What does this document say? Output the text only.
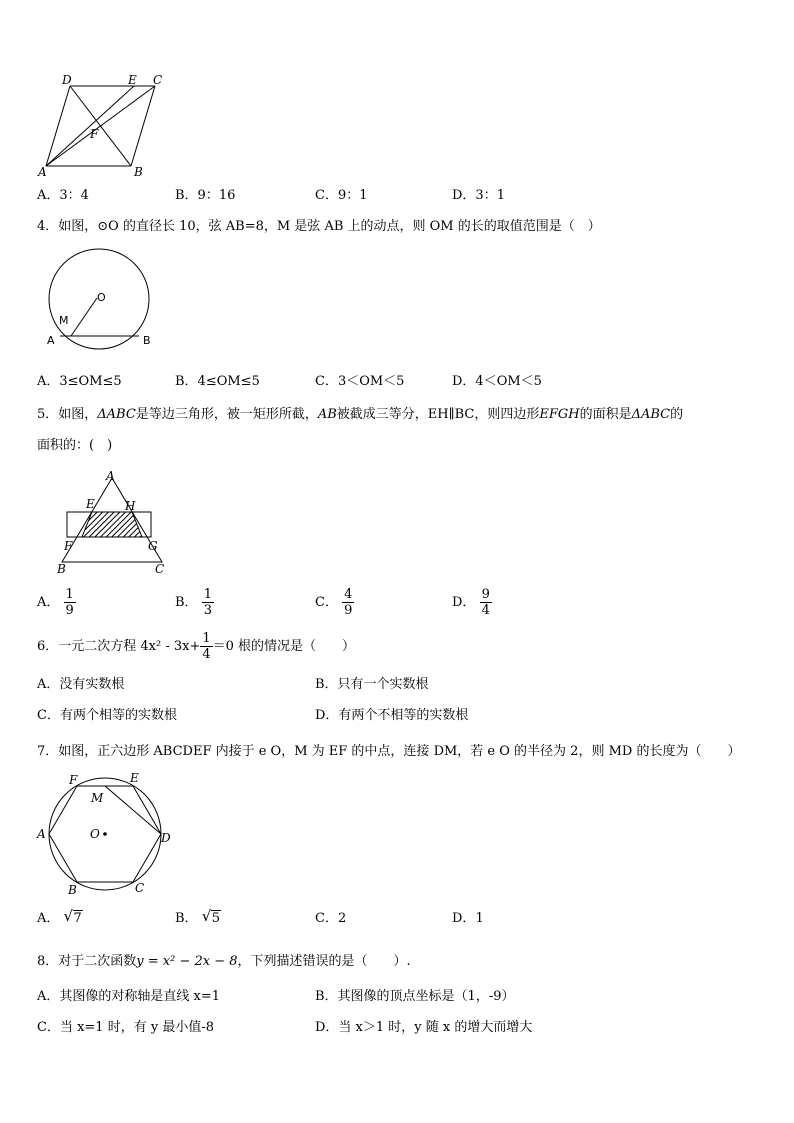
D	E C
F
A	B
A．3：4	B．9：16	C．9：1	D．3：1
4．如图，⊙O 的直径长 10，弦 AB=8，M 是弦 AB 上的动点，则 OM 的长的取值范围是（　）
O
M
A	B
A．3≤OM≤5	B．4≤OM≤5	C．3＜OM＜5	D．4＜OM＜5
5．如图，ΔABC是等边三角形，被一矩形所截，AB被截成三等分，EH∥BC，则四边形EFGH的面积是ΔABC的
面积的：(　)
A
E	H
F	G
B	C
A． $\frac{1}{9}$	B． $\frac{1}{3}$	C． $\frac{4}{9}$	D． $\frac{9}{4}$
6．一元二次方程 $4x^2 - 3x+ \frac{1}{4} =0$ 根的情况是（　　）
A．没有实数根	B．只有一个实数根
C．有两个相等的实数根	D．有两个不相等的实数根
7．如图，正六边形 ABCDEF 内接于 e O，M 为 EF 的中点，连接 DM，若 e O 的半径为 2，则 MD 的长度为（　　）
F	E
M
A	O	D
B	C
A． √ 7	B． √ 5	C．2	D．1
8．对于二次函数y = x² − 2x − 8，下列描述错误的是（　　）.
A．其图像的对称轴是直线 x=1	B．其图像的顶点坐标是（1，-9）
C．当 x=1 时，有 y 最小值-8	D．当 x＞1 时，y 随 x 的增大而增大
